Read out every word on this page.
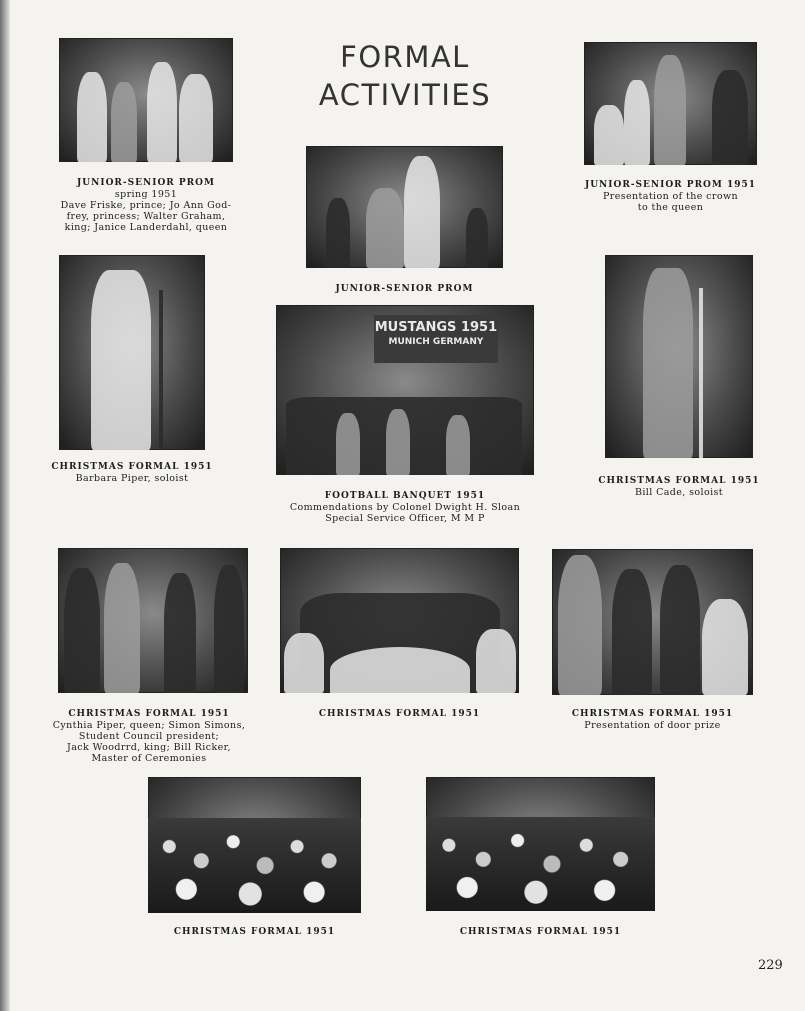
FORMAL
ACTIVITIES
JUNIOR-SENIOR PROM
spring 1951
Dave Friske, prince; Jo Ann God-
frey, princess; Walter Graham,
king; Janice Landerdahl, queen
JUNIOR-SENIOR PROM
JUNIOR-SENIOR PROM 1951
Presentation of the crown
to the queen
CHRISTMAS FORMAL 1951
Barbara Piper, soloist
MUSTANGS 1951
MUNICH GERMANY
FOOTBALL BANQUET 1951
Commendations by Colonel Dwight H. Sloan
Special Service Officer, M M P
CHRISTMAS FORMAL 1951
Bill Cade, soloist
CHRISTMAS FORMAL 1951
Cynthia Piper, queen; Simon Simons,
Student Council president;
Jack Woodrrd, king; Bill Ricker,
Master of Ceremonies
CHRISTMAS FORMAL 1951	CHRISTMAS FORMAL 1951
Presentation of door prize
CHRISTMAS FORMAL 1951	CHRISTMAS FORMAL 1951
229
